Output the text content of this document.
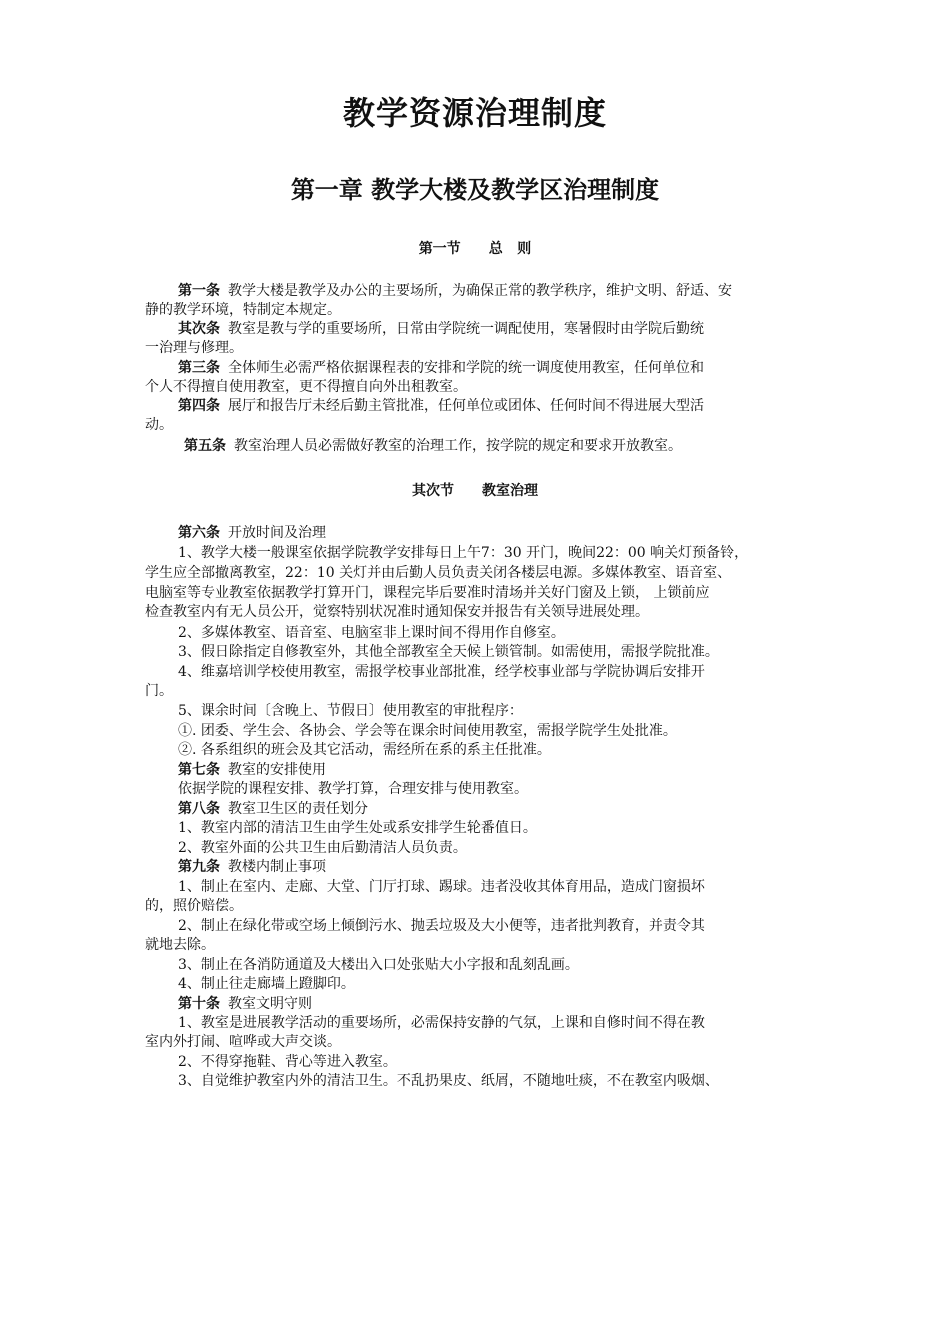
教学资源治理制度
第一章 教学大楼及教学区治理制度
第一节 总   则
第一条 教学大楼是教学及办公的主要场所，为确保正常的教学秩序，维护文明、舒适、安
静的教学环境，特制定本规定。
其次条 教室是教与学的重要场所，日常由学院统一调配使用，寒暑假时由学院后勤统
一治理与修理。
第三条 全体师生必需严格依据课程表的安排和学院的统一调度使用教室，任何单位和
个人不得擅自使用教室，更不得擅自向外出租教室。
第四条 展厅和报告厅未经后勤主管批准，任何单位或团体、任何时间不得进展大型活
动。
第五条 教室治理人员必需做好教室的治理工作，按学院的规定和要求开放教室。
其次节 教室治理
第六条 开放时间及治理
1、教学大楼一般课室依据学院教学安排每日上午7：30 开门，晚间22：00 响关灯预备铃，
学生应全部撤离教室，22：10 关灯并由后勤人员负责关闭各楼层电源。多媒体教室、语音室、
电脑室等专业教室依据教学打算开门，课程完毕后要准时清场并关好门窗及上锁， 上锁前应
检查教室内有无人员公开，觉察特别状况准时通知保安并报告有关领导进展处理。
2、多媒体教室、语音室、电脑室非上课时间不得用作自修室。
3、假日除指定自修教室外，其他全部教室全天候上锁管制。如需使用，需报学院批准。
4、维嘉培训学校使用教室，需报学校事业部批准，经学校事业部与学院协调后安排开
门。
5、课余时间〔含晚上、节假日〕使用教室的审批程序：
①. 团委、学生会、各协会、学会等在课余时间使用教室，需报学院学生处批准。
②. 各系组织的班会及其它活动，需经所在系的系主任批准。
第七条 教室的安排使用
依据学院的课程安排、教学打算，合理安排与使用教室。
第八条 教室卫生区的责任划分
1、教室内部的清洁卫生由学生处或系安排学生轮番值日。
2、教室外面的公共卫生由后勤清洁人员负责。
第九条 教楼内制止事项
1、制止在室内、走廊、大堂、门厅打球、踢球。违者没收其体育用品，造成门窗损坏
的，照价赔偿。
2、制止在绿化带或空场上倾倒污水、抛丢垃圾及大小便等，违者批判教育，并责令其
就地去除。
3、制止在各消防通道及大楼出入口处张贴大小字报和乱刻乱画。
4、制止往走廊墙上蹬脚印。
第十条 教室文明守则
1、教室是进展教学活动的重要场所，必需保持安静的气氛，上课和自修时间不得在教
室内外打闹、喧哗或大声交谈。
2、不得穿拖鞋、背心等进入教室。
3、自觉维护教室内外的清洁卫生。不乱扔果皮、纸屑，不随地吐痰，不在教室内吸烟、
